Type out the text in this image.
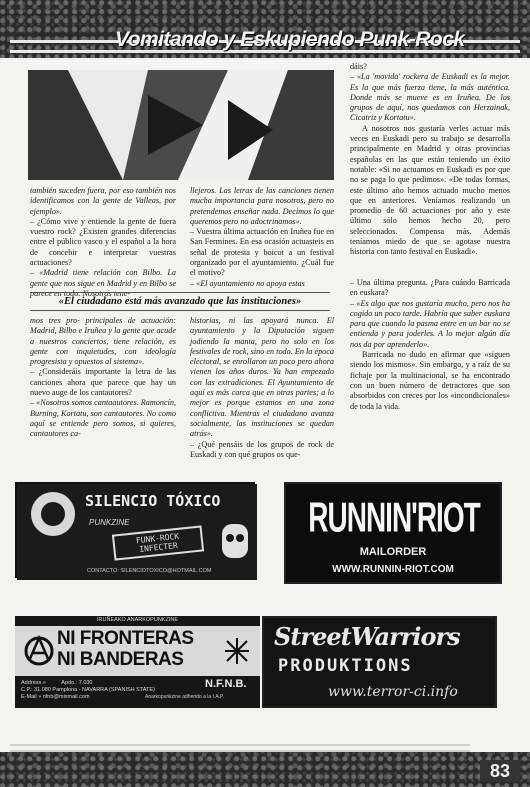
Vomitando y Eskupiendo Punk-Rock

dáis?

– «La 'movida' rockera de Euskadi es la mejor. Es la que más fuerza tiene, la más auténtica. Donde más se mueve es en Iruñea. De los grupos de aquí, nos quedamos con Herzainak, Cicatriz y Kortatu».

A nosotros nos gustaría verles actuar más veces en Euskadi pero su trabajo se desarrolla principalmente en Madrid y otras provincias españolas en las que están teniendo un éxito notable: «Si no actuamos en Euskadi es por que no se paga lo que pedimos». «De todas formas, este último año hemos actuado mucho menos que en anteriores. Veníamos realizando un promedio de 60 actuaciones por año y este último sólo hemos hecho 20, pero seleccionados. Compensa más. Además teníamos miedo de que se agotase nuestra historia con tanto festival en Euskadi».

también suceden fuera, por eso también nos identificamos con la gente de Valleas, por ejemplo».

– ¿Cómo vive y entiende la gente de fuera vuestro rock? ¿Existen grandes diferencias entre el público vasco y el español a la hora de concebir e interpretar vuestras actuaciones?

– «Madrid tiene relación con Bilbo. La gente que nos sigue en Madrid y en Bilbo se parece en todo. Nosotros tene-

llejeros. Las letras de las canciones tienen mucha importancia para nosotros, pero no pretendemos enseñar nada. Decimos lo que queremos pero no adoctrinamos».

– Vuestra última actuación en Iruñea fue en San Fermines. En esa ocasión actuasteis en señal de protesta y boicot a un festival organizado por el ayuntamiento. ¿Cuál fue el motivo?

– «El ayuntamiento no apoya estas

«El ciudadano está más avanzado que las instituciones»

mos tres pro- principales de actuación: Madrid, Bilbo e Iruñea y la gente que acude a nuestros conciertos, tiene relación, es gente con inquietudes, con ideología progresista y opuestos al sistema».

– ¿Consideráis importante la letra de las canciones ahora que parece que hay un nuevo auge de los cantautores?

– «Nosotros somos cantaautores. Ramoncín, Burning, Kortatu, son cantautores. No como aquí se entiende pero somos, si quieres, cantautores ca-

historias, ni las apoyará nunca. El ayuntamiento y la Diputación siguen jodiendo la manta, pero no solo en los festivales de rock, sino en todo. En la época electoral, se enrollaron un poco pero ahora vienen los años duros. Ya han empezado con las extradiciones. El Ayuntamiento de aquí es más carca que en otras partes; a lo mejor es porque estamos en una zona conflictiva. Mientras el ciudadano avanza socialmente, las instituciones se quedan atrás».

– ¿Qué pensáis de los grupos de rock de Euskadi y con qué grupos os que-

– Una última pregunta. ¿Para cuándo Barricada en euskara?

– «Es algo que nos gustaría mucho, pero nos ha cogido un poco tarde. Habría que saber euskara para que cuando la pasma entre en un bar no se entienda y para joderles. A lo mejor algún día nos da por aprenderlo».

Barricada no dudo en afirmar que «siguen siendo los mismos». Sin embargo, y a raíz de su fichaje por la multinacional, se ha encontrado con un buen número de detractores que son absorbidos con creces por los «incondicionales» de toda la vida.

SILENCIO TÓXICO
PUNKZINE
FUNK-ROCK INFECTER
CONTACTO: SILENCIOTOXICO@HOTMAIL.COM
RUNNIN'RIOT
MAILORDER
WWW.RUNNIN-RIOT.COM
IRUÑEAKO ANARKOPUNKZINE
NI FRONTERAS
NI BANDERAS
Address »	Apdo.: 7.030
C.P.: 31.080 Pamplona - NAVARRA (SPANISH STATE)
E-Mail » nfnb@mixmail.com
N.F.N.B.
Anarkopunkzine adherido a la I.A.P.
StreetWarriors
PRODUKTIONS
www.terror-ci.info
83
